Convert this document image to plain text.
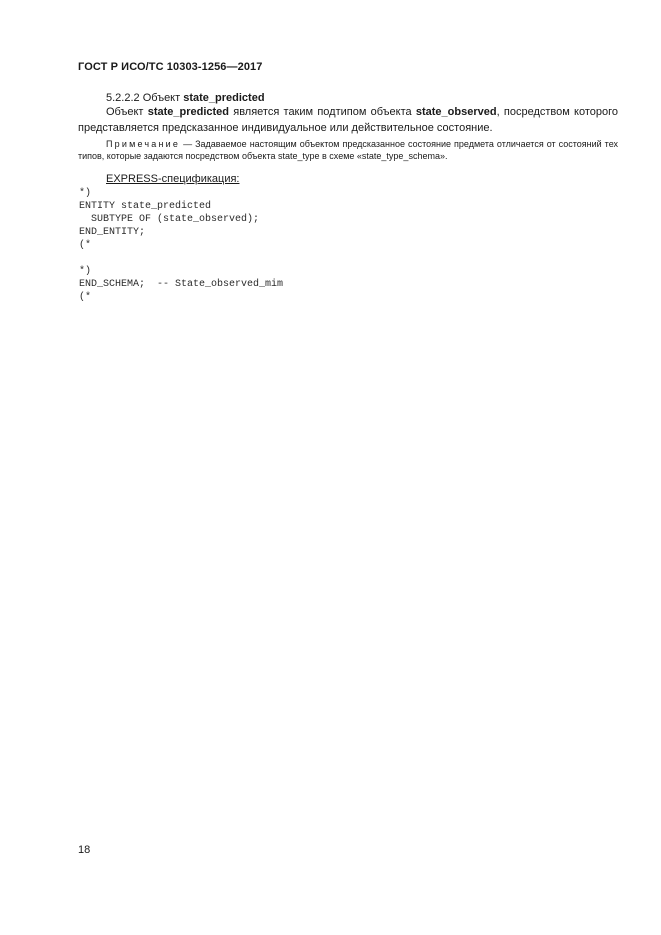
ГОСТ Р ИСО/ТС 10303-1256—2017
5.2.2.2 Объект state_predicted
Объект state_predicted является таким подтипом объекта state_observed, посредством которого представляется предсказанное индивидуальное или действительное состояние.
Примечание — Задаваемое настоящим объектом предсказанное состояние предмета отличается от состояний тех типов, которые задаются посредством объекта state_type в схеме «state_type_schema».
EXPRESS-спецификация:
*)
ENTITY state_predicted
SUBTYPE OF (state_observed);
END_ENTITY;
(*

*)
END_SCHEMA;  -- State_observed_mim
(*
18
